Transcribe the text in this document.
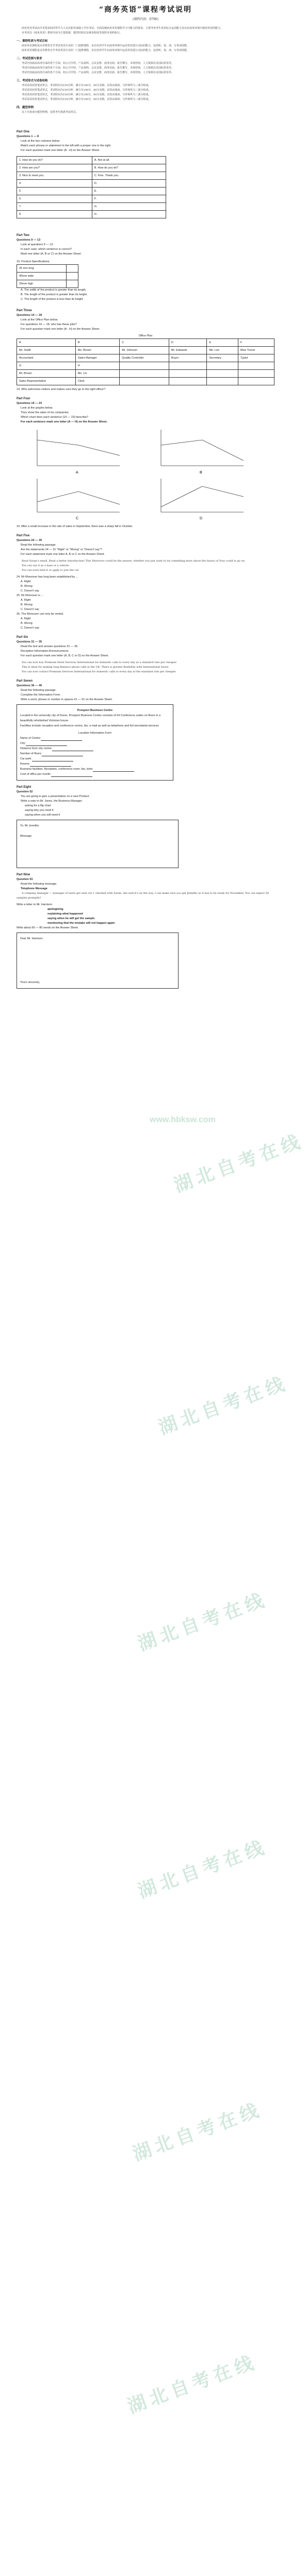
“商务英语”课程考试说明
(课程代码：0796)

商务英语考试由学术要求的同等学力人员在职攻读硕士学位考试。全面反映商务英语课程学习与能力的要求，主要考查考生英语综合运用能力及其在商务环境中使用英语的能力。

本考试以《商务英语》教材内容为主要依据，题型结构以及难易程度等按照本说明执行。

一、课程性质与考试目标

商务英语课程是高等教育自学考试英语专业的一门选修课程，旨在培养学生在商务环境中运用英语进行交际的能力，包括听、说、读、写各项技能。

商务英语课程是高等教育自学考试英语专业的一门选修课程，旨在培养学生在商务环境中运用英语进行交际的能力，包括听、说、读、写各项技能。

二、考试范围与要求

考试内容涵盖商务往来的各个方面，如公司介绍、产品说明、会议安排、商务信函、报告撰写、市场营销、人力资源以及国际贸易等。

考试内容涵盖商务往来的各个方面，如公司介绍、产品说明、会议安排、商务信函、报告撰写、市场营销、人力资源以及国际贸易等。

考试内容涵盖商务往来的各个方面，如公司介绍、产品说明、会议安排、商务信函、报告撰写、市场营销、人力资源以及国际贸易等。

三、考试形式与试卷结构

考试采用闭卷笔试形式，考试时间为150分钟，满分为100分，60分及格。试卷由阅读、写作和听力三部分组成。

考试采用闭卷笔试形式，考试时间为150分钟，满分为100分，60分及格。试卷由阅读、写作和听力三部分组成。

考试采用闭卷笔试形式，考试时间为150分钟，满分为100分，60分及格。试卷由阅读、写作和听力三部分组成。

考试采用闭卷笔试形式，考试时间为150分钟，满分为100分，60分及格。试卷由阅读、写作和听力三部分组成。

四、题型举例

以下为各部分题型样例，仅供考生熟悉考试形式。

Part One
Questions 1 — 8
Look at the two columns below.
Match each phrase or statement in the left with a proper one in the right.
For each question mark one letter (A - H) on the Answer Sheet.
1. How do you do?	A. Not at all.
2. How are you?	B. How do you do?
3. Nice to meet you.	C. Fine. Thank you.
4.	D.
5.	E.
6.	F.
7.	G.
8.	H.
Part Two
Questions 9 — 13
Look at questions 9 — 13.
In each case, which sentence is correct?
Mark one letter (A, B or C) on the Answer Sheet.
10. Product Specifications
25 mm long	
40mm wide	
20mm high	
A. The width of the product is greater than its length.
B. The length of the product is greater than its height.
C. The length of the product is less than its height.
Part Three
Questions 14 — 18
Look at the Office Plan below.
For questions 14 — 18, who has these jobs?
For each question mark one letter (A - H) on the Answer Sheet.
Office Plan
A	B	C	D	E	F
Mr. Smith	Ms. Brown	Mr. Johnson	Mr. Edwards	Ms. Lee	Miss Turner
Accountant	Sales Manager	Quality Controller	Buyer	Secretary	Typist
G	H				
Mr. Brown	Ms. Lin				
Sales Representative	Clerk				
14. Who welcomes visitors and makes sure they go to the right officer?
Part Four
Questions 19 — 23
Look at the graphs below.
They show the sales of six companies.
Which chart does each sentence (19 — 23) describe?
For each sentence mark one letter (A — H) on the Answer Sheet.
A	B
C	D
19. After a small increase in the rate of sales in September, there was a sharp fall in October.
Part Five
Questions 24 — 30
Read the following passage.
Are the statements 24 — 31 “Right” or “Wrong” or “Doesn’t say”?
For each statement mark one letter A, B or C on the Answer Sheet.

Read Susan’s email. Read a better introduction! This Moreover could be the answer, whether you just want to try something more about the luxury of Your could to go on.

You can use it as a base or a vehicle.

You can even hold it or apply to join the car.

24. Mr Moreover has long been established by ...
A. Right
B. Wrong
C. Doesn’t say
25. Mr Moreover is ...
A. Right
B. Wrong
C. Doesn’t say
26. The Moreover can only be rented.
A. Right
B. Wrong
C. Doesn’t say
Part Six
Questions 31 — 35
Read the text and answer questions 31 — 35.
Reception Information Announcement.
For each question mark one letter (A, B, C or D) on the Answer Sheet.

You can now buy Premium Hotel Services International for domestic calls to every day as a standard rate per cheaper.

This is ideal for making long-distance phone calls in the UK. There is greater flexibility with International Saver.

You can now contact Premium Services International for domestic calls to every day at the standard rate per cheaper.

Part Seven
Questions 36 — 40
Read the following passage.
Complete the Information Form.
Write a word, phrase or number in spaces 41 — 51 on the Answer Sheet.
Prospect Business Centre
Located in the university city of Durso, Prospect Business Centre consists of 64 Conference suites on floors in a beautifully refurbished Victorian house.
Facilities include reception and conference rooms, fax, e-mail as well as telephone and full secretarial services.
Location Information Form
Name of Centre:
City:
Distance from city centre:
Number of floors:
Car park:
Rooms:
Business facilities: Reception, conference room, fax, telex
Cost of office per month:
Part Eight
Question 52
You are going to give a presentation on a new Product.
Write a note to Mr. Jones, the Business Manager.
asking for a flip chart
saying why you need it
saying when you will need it
To: Mr Jennifer
Message
Part Nine
Question 53
Read the following message.
Telephone Message

A company manager — manager of users got sent out 1 checked with Sarah, she said it's on the way. I can make sure you get Jennifer as it has to be ready for November. You can expect 50 samples promptly?

Write a letter to Mr. Harrison:
apologizing
explaining what happened
saying when he will get the sample
mentioning that the mistake will not happen again
Write about 60 — 80 words on the Answer Sheet.
Dear Mr. Harrison:
Yours sincerely,
www.hbksw.com
湖北自考在线
湖北自考在线
湖北自考在线
湖北自考在线
湖北自考在线
湖北自考在线
